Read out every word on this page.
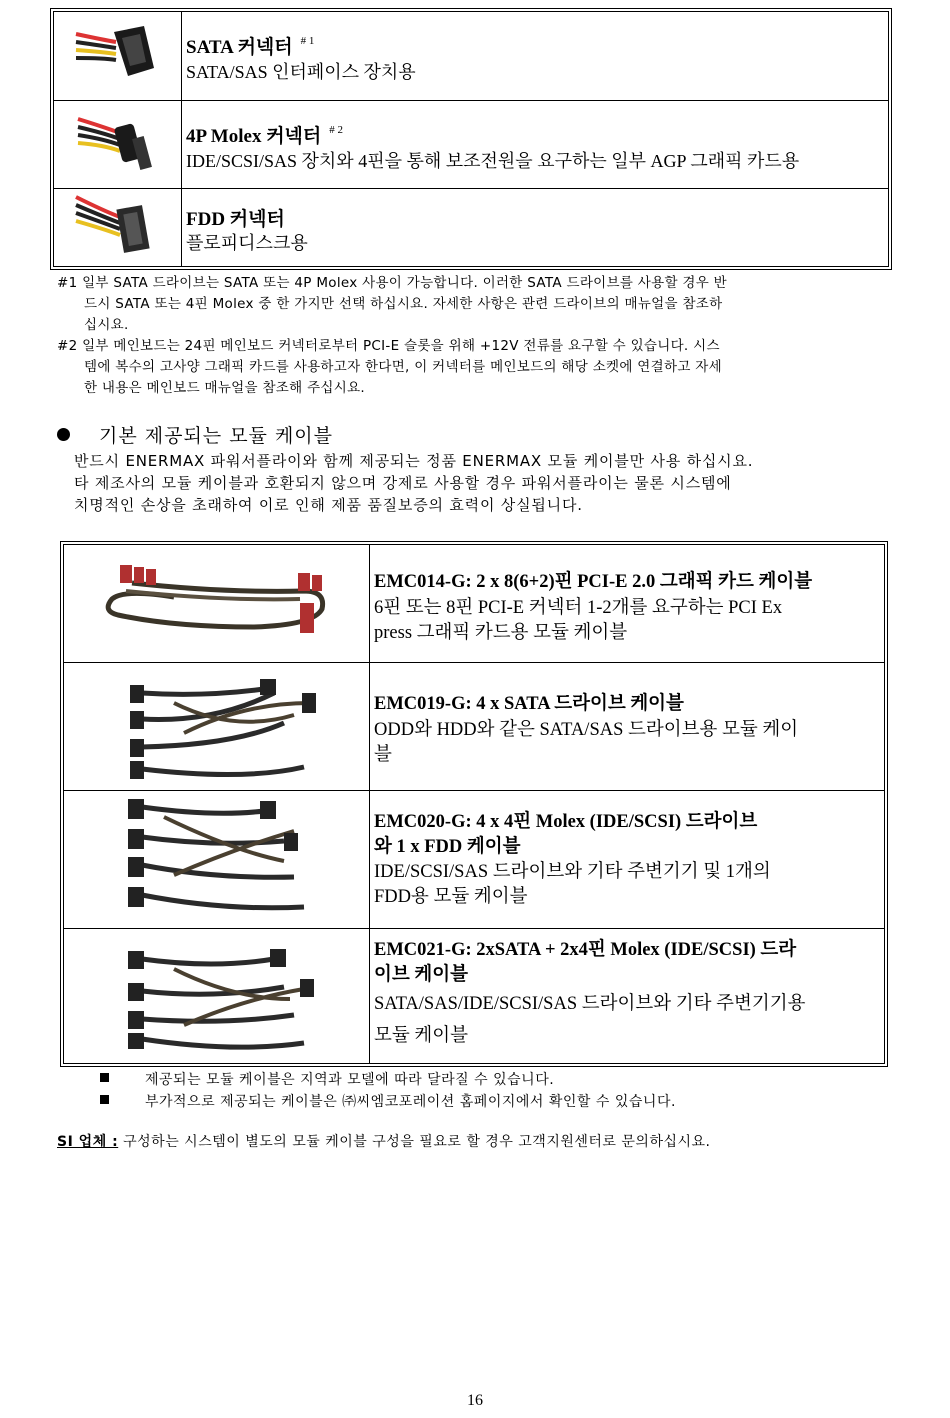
SATA 커넥터 $^{\# 1}$
SATA/SAS 인터페이스 장치용
4P Molex 커넥터 $^{\# 2}$
IDE/SCSI/SAS 장치와 4핀을 통해 보조전원을 요구하는 일부 AGP 그래픽 카드용
FDD 커넥터
플로피디스크용
#1 일부 SATA 드라이브는 SATA 또는 4P Molex 사용이 가능합니다. 이러한 SATA 드라이브를 사용할 경우 반
드시 SATA 또는 4핀 Molex 중 한 가지만 선택 하십시요. 자세한 사항은 관련 드라이브의 매뉴얼을 참조하
십시요.
#2 일부 메인보드는 24핀 메인보드 커넥터로부터 PCI-E 슬롯을 위해 +12V 전류를 요구할 수 있습니다. 시스
템에 복수의 고사양 그래픽 카드를 사용하고자 한다면, 이 커넥터를 메인보드의 해당 소켓에 연결하고 자세
한 내용은 메인보드 매뉴얼을 참조해 주십시요.
기본 제공되는 모듈 케이블
반드시 ENERMAX 파워서플라이와 함께 제공되는 정품 ENERMAX 모듈 케이블만 사용 하십시요.
타 제조사의 모듈 케이블과 호환되지 않으며 강제로 사용할 경우 파워서플라이는 물론 시스템에
치명적인 손상을 초래하여 이로 인해 제품 품질보증의 효력이 상실됩니다.
EMC014-G: 2 x 8(6+2)핀 PCI-E 2.0 그래픽 카드 케이블
6핀 또는 8핀 PCI-E 커넥터 1-2개를 요구하는 PCI Ex
press 그래픽 카드용 모듈 케이블
EMC019-G: 4 x SATA 드라이브 케이블
ODD와 HDD와 같은 SATA/SAS 드라이브용 모듈 케이
블
EMC020-G: 4 x 4핀 Molex (IDE/SCSI) 드라이브
와 1 x FDD 케이블
IDE/SCSI/SAS 드라이브와 기타 주변기기 및 1개의
FDD용 모듈 케이블
EMC021-G: 2xSATA + 2x4핀 Molex (IDE/SCSI) 드라
이브 케이블
SATA/SAS/IDE/SCSI/SAS 드라이브와 기타 주변기기용
모듈 케이블
제공되는 모듈 케이블은 지역과 모델에 따라 달라질 수 있습니다.
부가적으로 제공되는 케이블은 ㈜씨엠코포레이션 홈페이지에서 확인할 수 있습니다.
SI 업체 : 구성하는 시스템이 별도의 모듈 케이블 구성을 필요로 할 경우 고객지원센터로 문의하십시요.
16
